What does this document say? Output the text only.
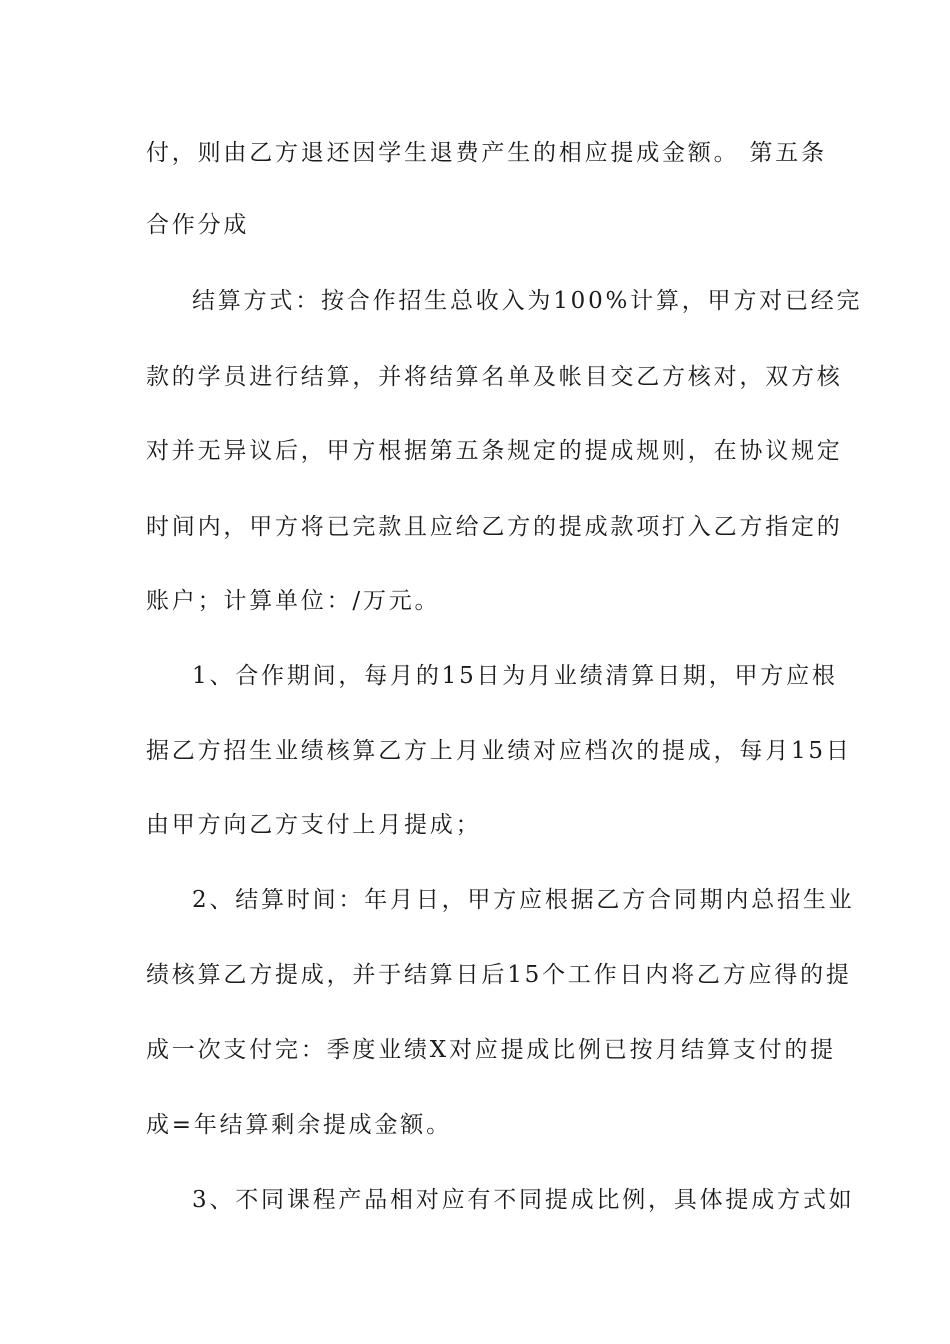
付，则由乙方退还因学生退费产生的相应提成金额。 第五条
合作分成
结算方式：按合作招生总收入为100%计算，甲方对已经完
款的学员进行结算，并将结算名单及帐目交乙方核对，双方核
对并无异议后，甲方根据第五条规定的提成规则，在协议规定
时间内，甲方将已完款且应给乙方的提成款项打入乙方指定的
账户；计算单位：/万元。
1、合作期间，每月的15日为月业绩清算日期，甲方应根
据乙方招生业绩核算乙方上月业绩对应档次的提成，每月15日
由甲方向乙方支付上月提成；
2、结算时间：年月日，甲方应根据乙方合同期内总招生业
绩核算乙方提成，并于结算日后15个工作日内将乙方应得的提
成一次支付完：季度业绩X对应提成比例已按月结算支付的提
成=年结算剩余提成金额。
3、不同课程产品相对应有不同提成比例，具体提成方式如
